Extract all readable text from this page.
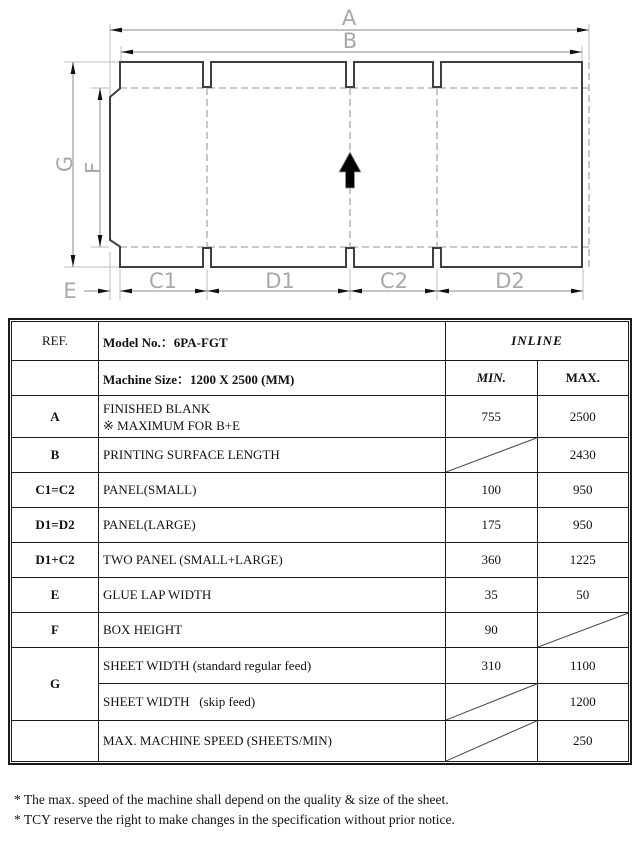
A
B
G F
E	C1	D1	C2	D2
REF.	Model No.：6PA-FGT	INLINE	
	Machine Size：1200 X 2500 (MM)	MIN.	MAX.
A	FINISHED BLANK
※ MAXIMUM FOR B+E	755	2500
B	PRINTING SURFACE LENGTH		2430
C1=C2	PANEL(SMALL)	100	950
D1=D2	PANEL(LARGE)	175	950
D1+C2	TWO PANEL (SMALL+LARGE)	360	1225
E	GLUE LAP WIDTH	35	50
F	BOX HEIGHT	90	

G	SHEET WIDTH (standard regular feed)	310	1100
	SHEET WIDTH   (skip feed)		1200
	MAX. MACHINE SPEED (SHEETS/MIN)		250
* The max. speed of the machine shall depend on the quality & size of the sheet.
* TCY reserve the right to make changes in the specification without prior notice.
